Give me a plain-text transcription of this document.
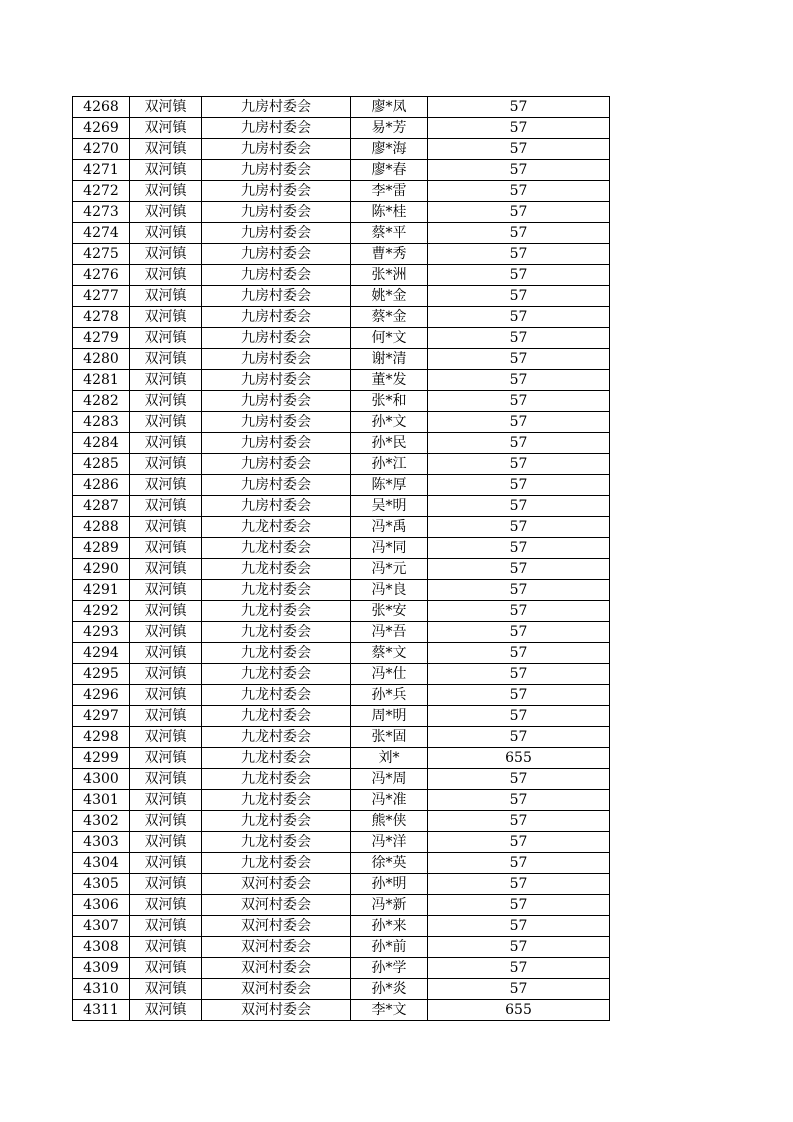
4268	双河镇	九房村委会	廖*凤	57
4269	双河镇	九房村委会	易*芳	57
4270	双河镇	九房村委会	廖*海	57
4271	双河镇	九房村委会	廖*春	57
4272	双河镇	九房村委会	李*雷	57
4273	双河镇	九房村委会	陈*桂	57
4274	双河镇	九房村委会	蔡*平	57
4275	双河镇	九房村委会	曹*秀	57
4276	双河镇	九房村委会	张*洲	57
4277	双河镇	九房村委会	姚*金	57
4278	双河镇	九房村委会	蔡*金	57
4279	双河镇	九房村委会	何*文	57
4280	双河镇	九房村委会	谢*清	57
4281	双河镇	九房村委会	董*发	57
4282	双河镇	九房村委会	张*和	57
4283	双河镇	九房村委会	孙*文	57
4284	双河镇	九房村委会	孙*民	57
4285	双河镇	九房村委会	孙*江	57
4286	双河镇	九房村委会	陈*厚	57
4287	双河镇	九房村委会	吴*明	57
4288	双河镇	九龙村委会	冯*禹	57
4289	双河镇	九龙村委会	冯*同	57
4290	双河镇	九龙村委会	冯*元	57
4291	双河镇	九龙村委会	冯*良	57
4292	双河镇	九龙村委会	张*安	57
4293	双河镇	九龙村委会	冯*吾	57
4294	双河镇	九龙村委会	蔡*文	57
4295	双河镇	九龙村委会	冯*仕	57
4296	双河镇	九龙村委会	孙*兵	57
4297	双河镇	九龙村委会	周*明	57
4298	双河镇	九龙村委会	张*固	57
4299	双河镇	九龙村委会	刘*	655
4300	双河镇	九龙村委会	冯*周	57
4301	双河镇	九龙村委会	冯*准	57
4302	双河镇	九龙村委会	熊*侠	57
4303	双河镇	九龙村委会	冯*洋	57
4304	双河镇	九龙村委会	徐*英	57
4305	双河镇	双河村委会	孙*明	57
4306	双河镇	双河村委会	冯*新	57
4307	双河镇	双河村委会	孙*来	57
4308	双河镇	双河村委会	孙*前	57
4309	双河镇	双河村委会	孙*学	57
4310	双河镇	双河村委会	孙*炎	57
4311	双河镇	双河村委会	李*文	655
